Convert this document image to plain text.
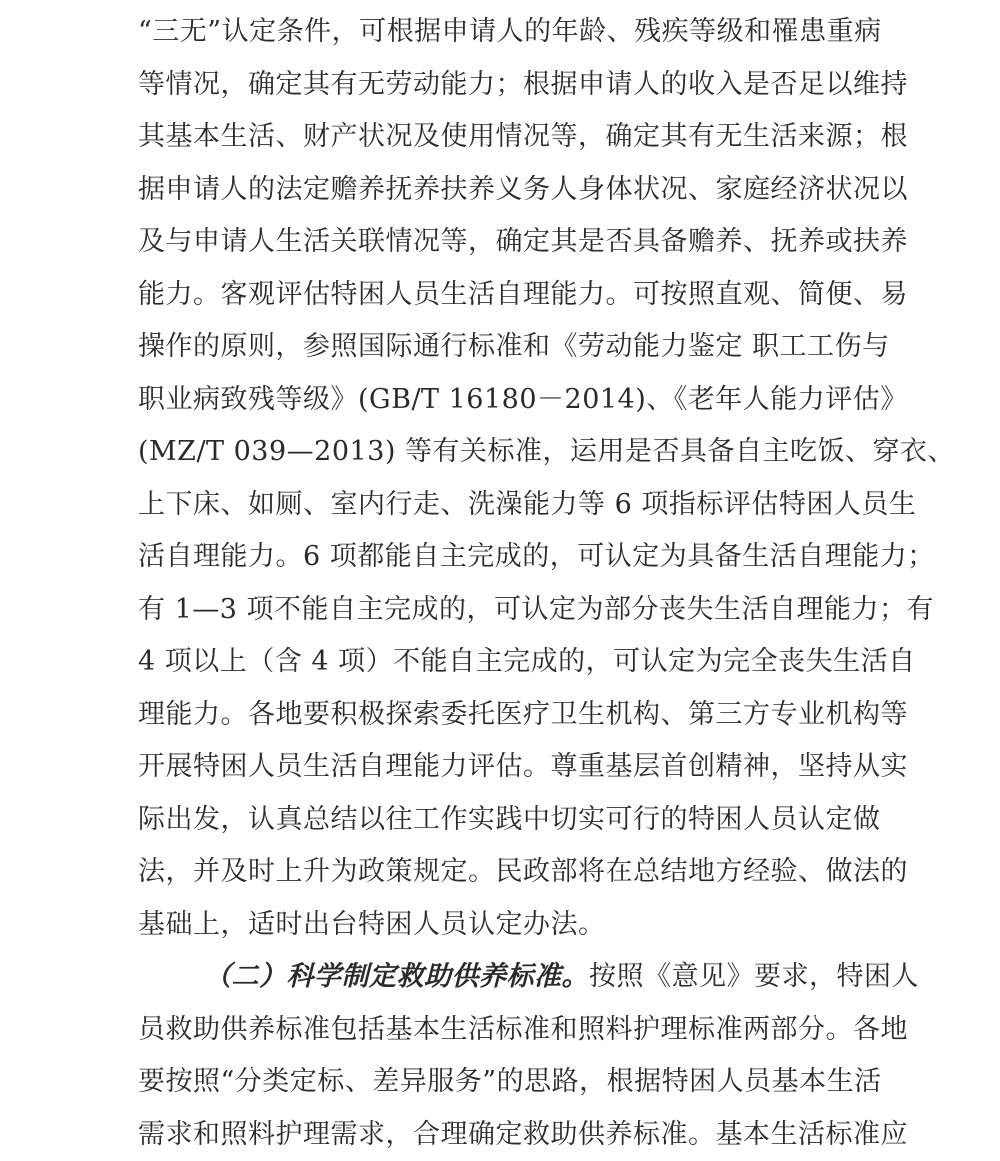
“三无”认定条件，可根据申请人的年龄、残疾等级和罹患重病
等情况，确定其有无劳动能力；根据申请人的收入是否足以维持
其基本生活、财产状况及使用情况等，确定其有无生活来源；根
据申请人的法定赡养抚养扶养义务人身体状况、家庭经济状况以
及与申请人生活关联情况等，确定其是否具备赡养、抚养或扶养
能力。客观评估特困人员生活自理能力。可按照直观、简便、易
操作的原则，参照国际通行标准和《劳动能力鉴定 职工工伤与
职业病致残等级》(GB/T 16180－2014)、《老年人能力评估》
(MZ/T 039—2013) 等有关标准，运用是否具备自主吃饭、穿衣、
上下床、如厕、室内行走、洗澡能力等 6 项指标评估特困人员生
活自理能力。6 项都能自主完成的，可认定为具备生活自理能力；
有 1—3 项不能自主完成的，可认定为部分丧失生活自理能力；有
4 项以上（含 4 项）不能自主完成的，可认定为完全丧失生活自
理能力。各地要积极探索委托医疗卫生机构、第三方专业机构等
开展特困人员生活自理能力评估。尊重基层首创精神，坚持从实
际出发，认真总结以往工作实践中切实可行的特困人员认定做
法，并及时上升为政策规定。民政部将在总结地方经验、做法的
基础上，适时出台特困人员认定办法。
（二）科学制定救助供养标准。按照《意见》要求，特困人
员救助供养标准包括基本生活标准和照料护理标准两部分。各地
要按照“分类定标、差异服务”的思路，根据特困人员基本生活
需求和照料护理需求，合理确定救助供养标准。基本生活标准应
